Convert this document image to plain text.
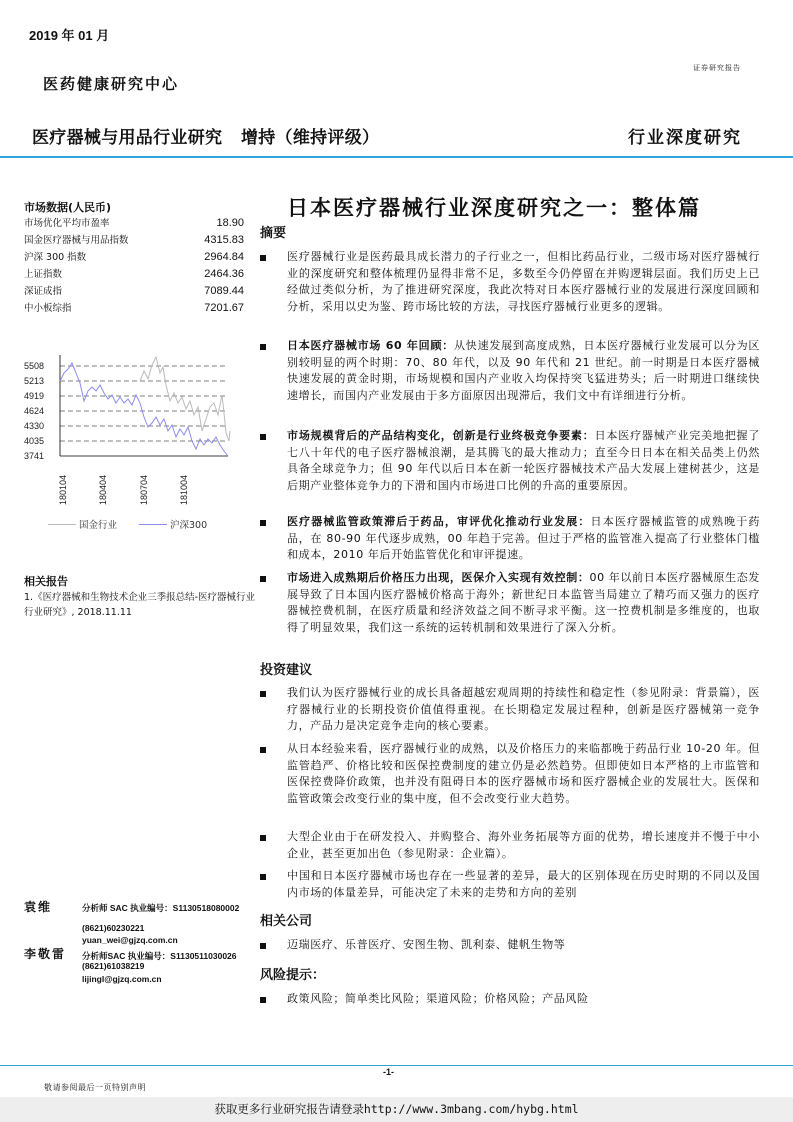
2019 年 01 月
医药健康研究中心
证券研究报告
医疗器械与用品行业研究   增持（维持评级）	行业深度研究
市场数据(人民币)
市场优化平均市盈率	18.90
国金医疗器械与用品指数	4315.83
沪深 300 指数	2964.84
上证指数	2464.36
深证成指	7089.44
中小板综指	7201.67
5508
5213
4919
4624
4330
4035
3741
180104	180404	180704	181004
国金行业	沪深300
相关报告
1.《医疗器械和生物技术企业三季报总结-医疗器械行业行业研究》, 2018.11.11
袁维	分析师 SAC 执业编号：S1130518080002
(8621)60230221
yuan_wei@gjzq.com.cn
李敬雷 分析师SAC 执业编号：S1130511030026
(8621)61038219
lijingl@gjzq.com.cn
日本医疗器械行业深度研究之一：整体篇
摘要
医疗器械行业是医药最具成长潜力的子行业之一，但相比药品行业，二级市场对医疗器械行业的深度研究和整体梳理仍显得非常不足，多数至今仍停留在并购逻辑层面。我们历史上已经做过类似分析，为了推进研究深度，我此次特对日本医疗器械行业的发展进行深度回顾和分析，采用以史为鉴、跨市场比较的方法，寻找医疗器械行业更多的逻辑。
日本医疗器械市场 60 年回顾：从快速发展到高度成熟，日本医疗器械行业发展可以分为区别较明显的两个时期：70、80 年代，以及 90 年代和 21 世纪。前一时期是日本医疗器械快速发展的黄金时期，市场规模和国内产业收入均保持突飞猛进势头；后一时期进口继续快速增长，而国内产业发展由于多方面原因出现滞后，我们文中有详细进行分析。
市场规模背后的产品结构变化，创新是行业终极竞争要素：日本医疗器械产业完美地把握了七八十年代的电子医疗器械浪潮，是其腾飞的最大推动力；直至今日日本在相关品类上仍然具备全球竞争力；但 90 年代以后日本在新一轮医疗器械技术产品大发展上建树甚少，这是后期产业整体竞争力的下滑和国内市场进口比例的升高的重要原因。
医疗器械监管政策滞后于药品，审评优化推动行业发展：日本医疗器械监管的成熟晚于药品，在 80-90 年代逐步成熟，00 年趋于完善。但过于严格的监管准入提高了行业整体门槛和成本，2010 年后开始监管优化和审评提速。
市场进入成熟期后价格压力出现，医保介入实现有效控制：00 年以前日本医疗器械原生态发展导致了日本国内医疗器械价格高于海外；新世纪日本监管当局建立了精巧而又强力的医疗器械控费机制，在医疗质量和经济效益之间不断寻求平衡。这一控费机制是多维度的，也取得了明显效果，我们这一系统的运转机制和效果进行了深入分析。
投资建议
我们认为医疗器械行业的成长具备超越宏观周期的持续性和稳定性（参见附录：背景篇），医疗器械行业的长期投资价值值得重视。在长期稳定发展过程种，创新是医疗器械第一竞争力，产品力是决定竞争走向的核心要素。
从日本经验来看，医疗器械行业的成熟，以及价格压力的来临都晚于药品行业 10-20 年。但监管趋严、价格比较和医保控费制度的建立仍是必然趋势。但即使如日本严格的上市监管和医保控费降价政策，也并没有阻碍日本的医疗器械市场和医疗器械企业的发展壮大。医保和监管政策会改变行业的集中度，但不会改变行业大趋势。
大型企业由于在研发投入、并购整合、海外业务拓展等方面的优势，增长速度并不慢于中小企业，甚至更加出色（参见附录：企业篇）。
中国和日本医疗器械市场也存在一些显著的差异，最大的区别体现在历史时期的不同以及国内市场的体量差异，可能决定了未来的走势和方向的差别
相关公司
迈瑞医疗、乐普医疗、安图生物、凯利泰、健帆生物等
风险提示：
政策风险；简单类比风险；渠道风险；价格风险；产品风险
-1-
敬请参阅最后一页特别声明
获取更多行业研究报告请登录http://www.3mbang.com/hybg.html
